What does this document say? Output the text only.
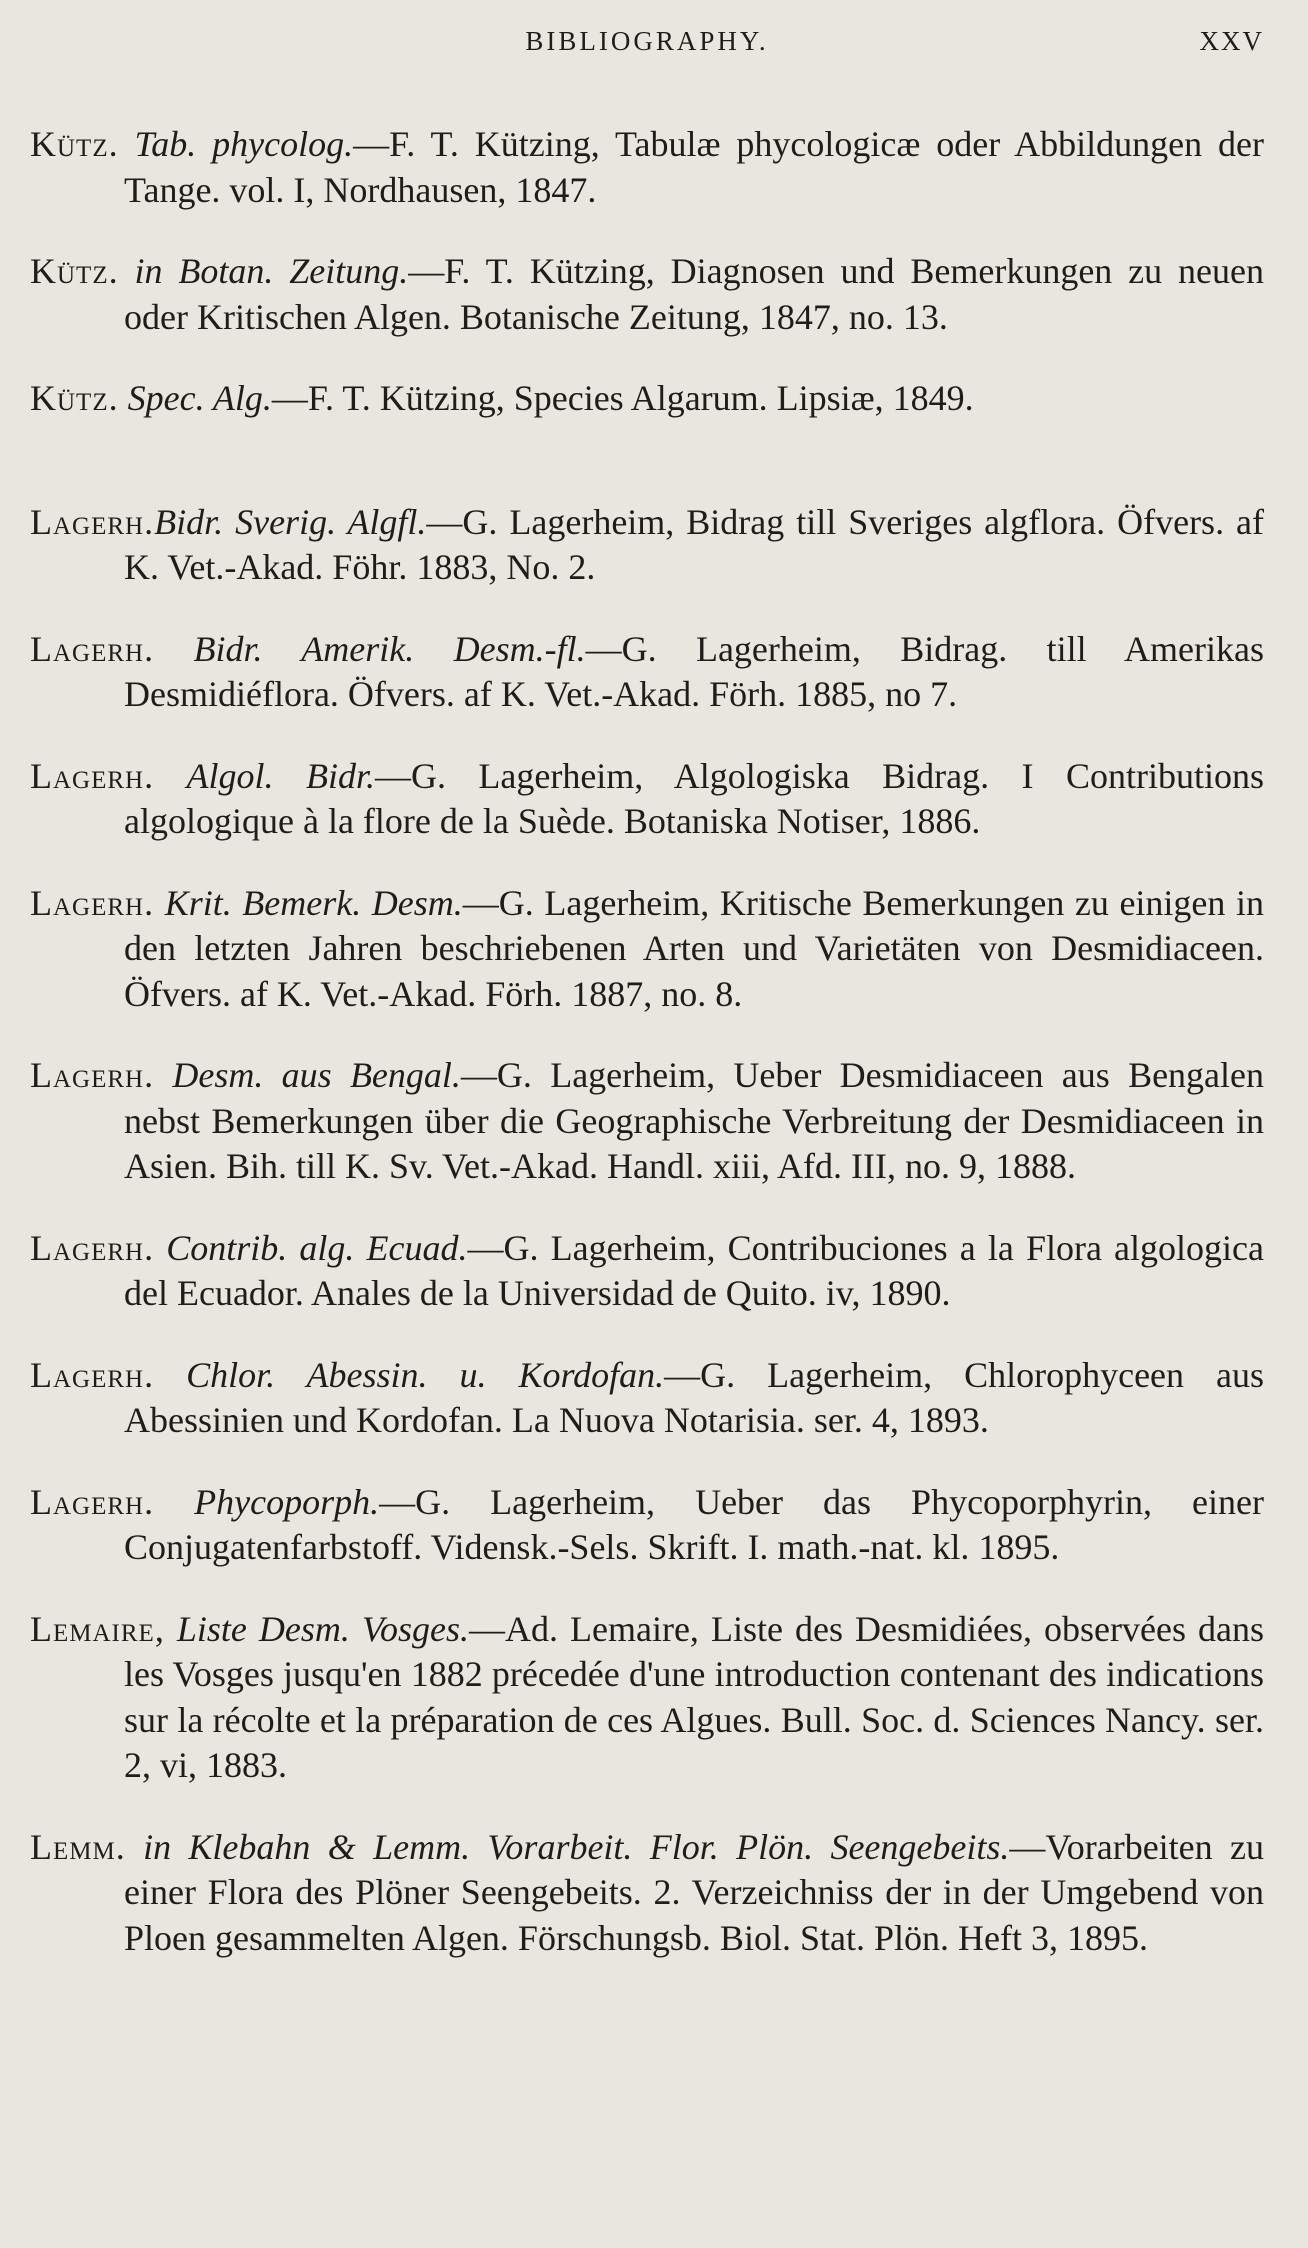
BIBLIOGRAPHY.	XXV

Kütz. Tab. phycolog.—F. T. Kützing, Tabulæ phycologicæ oder Abbildungen der Tange. vol. I, Nordhausen, 1847.

Kütz. in Botan. Zeitung.—F. T. Kützing, Diagnosen und Bemerkungen zu neuen oder Kritischen Algen. Botanische Zeitung, 1847, no. 13.

Kütz. Spec. Alg.—F. T. Kützing, Species Algarum. Lipsiæ, 1849.

Lagerh.Bidr. Sverig. Algfl.—G. Lagerheim, Bidrag till Sveriges algflora. Öfvers. af K. Vet.-Akad. Föhr. 1883, No. 2.

Lagerh. Bidr. Amerik. Desm.-fl.—G. Lagerheim, Bidrag. till Amerikas Desmidiéflora. Öfvers. af K. Vet.-Akad. Förh. 1885, no 7.

Lagerh. Algol. Bidr.—G. Lagerheim, Algologiska Bidrag. I Contributions algologique à la flore de la Suède. Botaniska Notiser, 1886.

Lagerh. Krit. Bemerk. Desm.—G. Lagerheim, Kritische Bemerkungen zu einigen in den letzten Jahren beschriebenen Arten und Varietäten von Desmidiaceen. Öfvers. af K. Vet.-Akad. Förh. 1887, no. 8.

Lagerh. Desm. aus Bengal.—G. Lagerheim, Ueber Desmidiaceen aus Bengalen nebst Bemerkungen über die Geographische Verbreitung der Desmidiaceen in Asien. Bih. till K. Sv. Vet.-Akad. Handl. xiii, Afd. III, no. 9, 1888.

Lagerh. Contrib. alg. Ecuad.—G. Lagerheim, Contribuciones a la Flora algologica del Ecuador. Anales de la Universidad de Quito. iv, 1890.

Lagerh. Chlor. Abessin. u. Kordofan.—G. Lagerheim, Chlorophyceen aus Abessinien und Kordofan. La Nuova Notarisia. ser. 4, 1893.

Lagerh. Phycoporph.—G. Lagerheim, Ueber das Phycoporphyrin, einer Conjugatenfarbstoff. Vidensk.-Sels. Skrift. I. math.-nat. kl. 1895.

Lemaire, Liste Desm. Vosges.—Ad. Lemaire, Liste des Desmidiées, observées dans les Vosges jusqu'en 1882 précedée d'une introduction contenant des indications sur la récolte et la préparation de ces Algues. Bull. Soc. d. Sciences Nancy. ser. 2, vi, 1883.

Lemm. in Klebahn & Lemm. Vorarbeit. Flor. Plön. Seengebeits.—Vorarbeiten zu einer Flora des Plöner Seengebeits. 2. Verzeichniss der in der Umgebend von Ploen gesammelten Algen. Förschungsb. Biol. Stat. Plön. Heft 3, 1895.
